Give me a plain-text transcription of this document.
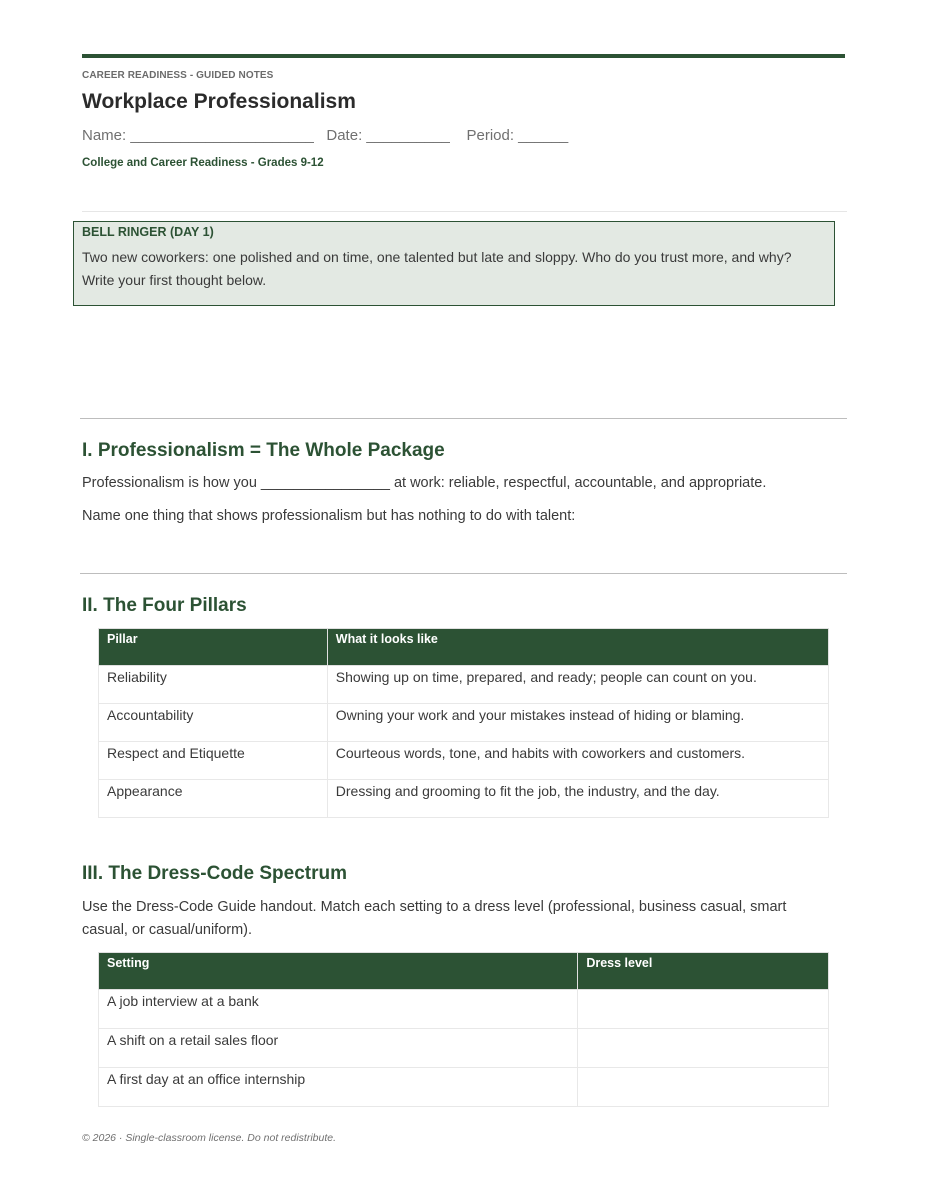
CAREER READINESS - GUIDED NOTES
Workplace Professionalism
Name: ______________________   Date: __________    Period: ______
College and Career Readiness - Grades 9-12
BELL RINGER (DAY 1)
Two new coworkers: one polished and on time, one talented but late and sloppy. Who do you trust more, and why? Write your first thought below.
I. Professionalism = The Whole Package
Professionalism is how you ________________ at work: reliable, respectful, accountable, and appropriate.
Name one thing that shows professionalism but has nothing to do with talent:
II. The Four Pillars
Pillar	What it looks like
Reliability	Showing up on time, prepared, and ready; people can count on you.
Accountability	Owning your work and your mistakes instead of hiding or blaming.
Respect and Etiquette	Courteous words, tone, and habits with coworkers and customers.
Appearance	Dressing and grooming to fit the job, the industry, and the day.
III. The Dress-Code Spectrum
Use the Dress-Code Guide handout. Match each setting to a dress level (professional, business casual, smart casual, or casual/uniform).
Setting	Dress level
A job interview at a bank	
A shift on a retail sales floor	
A first day at an office internship	
© 2026 · Single-classroom license. Do not redistribute.
